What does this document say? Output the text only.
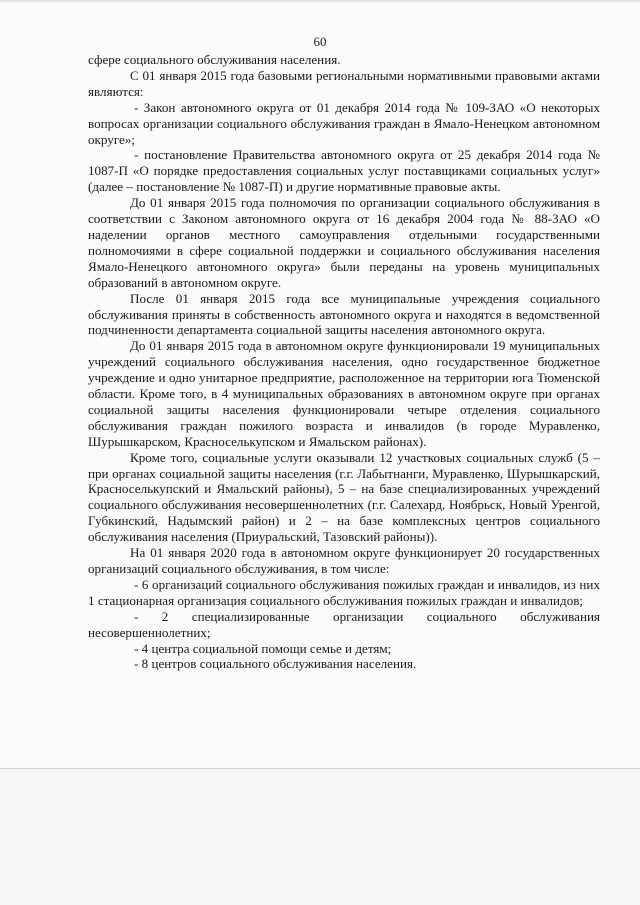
60

сфере социального обслуживания населения.

С 01 января 2015 года базовыми региональными нормативными правовыми актами являются:

- Закон автономного округа от 01 декабря 2014 года № 109-ЗАО «О некоторых вопросах организации социального обслуживания граждан в Ямало-Ненецком автономном округе»;

- постановление Правительства автономного округа от 25 декабря 2014 года № 1087-П «О порядке предоставления социальных услуг поставщиками социальных услуг» (далее – постановление № 1087-П) и другие нормативные правовые акты.

До 01 января 2015 года полномочия по организации социального обслуживания в соответствии с Законом автономного округа от 16 декабря 2004 года № 88-ЗАО «О наделении органов местного самоуправления отдельными государственными полномочиями в сфере социальной поддержки и социального обслуживания населения Ямало-Ненецкого автономного округа» были переданы на уровень муниципальных образований в автономном округе.

После 01 января 2015 года все муниципальные учреждения социального обслуживания приняты в собственность автономного округа и находятся в ведомственной подчиненности департамента социальной защиты населения автономного округа.

До 01 января 2015 года в автономном округе функционировали 19 муниципальных учреждений социального обслуживания населения, одно государственное бюджетное учреждение и одно унитарное предприятие, расположенное на территории юга Тюменской области. Кроме того, в 4 муниципальных образованиях в автономном округе при органах социальной защиты населения функционировали четыре отделения социального обслуживания граждан пожилого возраста и инвалидов (в городе Муравленко, Шурышкарском, Красноселькупском и Ямальском районах).

Кроме того, социальные услуги оказывали 12 участковых социальных служб (5 – при органах социальной защиты населения (г.г. Лабытнанги, Муравленко, Шурышкарский, Красноселькупский и Ямальский районы), 5 – на базе специализированных учреждений социального обслуживания несовершеннолетних (г.г. Салехард, Ноябрьск, Новый Уренгой, Губкинский, Надымский район) и 2 – на базе комплексных центров социального обслуживания населения (Приуральский, Тазовский районы)).

На 01 января 2020 года в автономном округе функционирует 20 государственных организаций социального обслуживания, в том числе:

- 6 организаций социального обслуживания пожилых граждан и инвалидов, из них 1 стационарная организация социального обслуживания пожилых граждан и инвалидов;

- 2 специализированные организации социального обслуживания несовершеннолетних;

- 4 центра социальной помощи семье и детям;

- 8 центров социального обслуживания населения.
